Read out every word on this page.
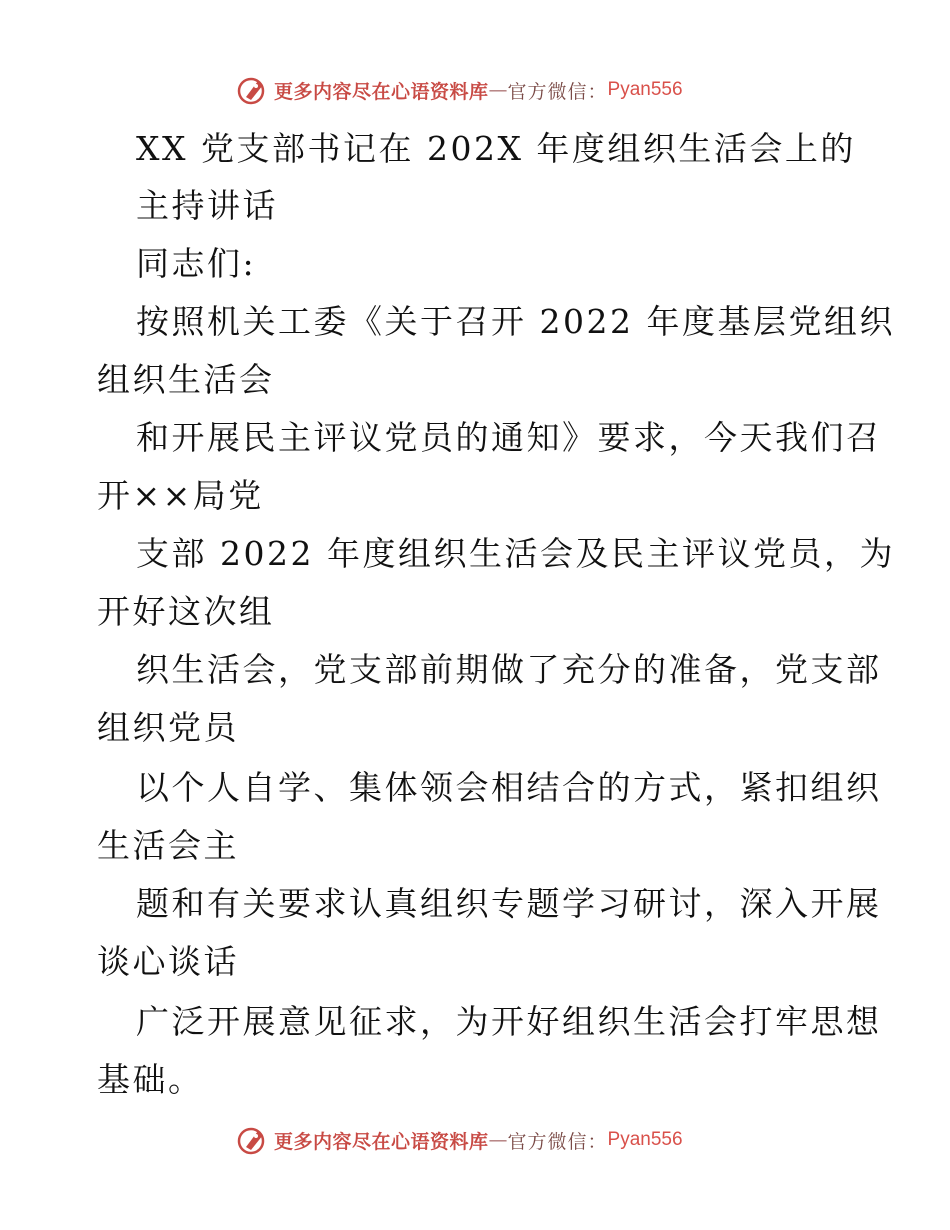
更多内容尽在心语资料库 — 官方微信： Pyan556
XX 党支部书记在 202X 年度组织生活会上的
主持讲话
同志们:
按照机关工委《关于召开 2022 年度基层党组织
组织生活会
和开展民主评议党员的通知》要求，今天我们召
开××局党
支部 2022 年度组织生活会及民主评议党员，为
开好这次组
织生活会，党支部前期做了充分的准备，党支部
组织党员
以个人自学、集体领会相结合的方式，紧扣组织
生活会主
题和有关要求认真组织专题学习研讨，深入开展
谈心谈话
广泛开展意见征求，为开好组织生活会打牢思想
基础。
更多内容尽在心语资料库 — 官方微信： Pyan556
